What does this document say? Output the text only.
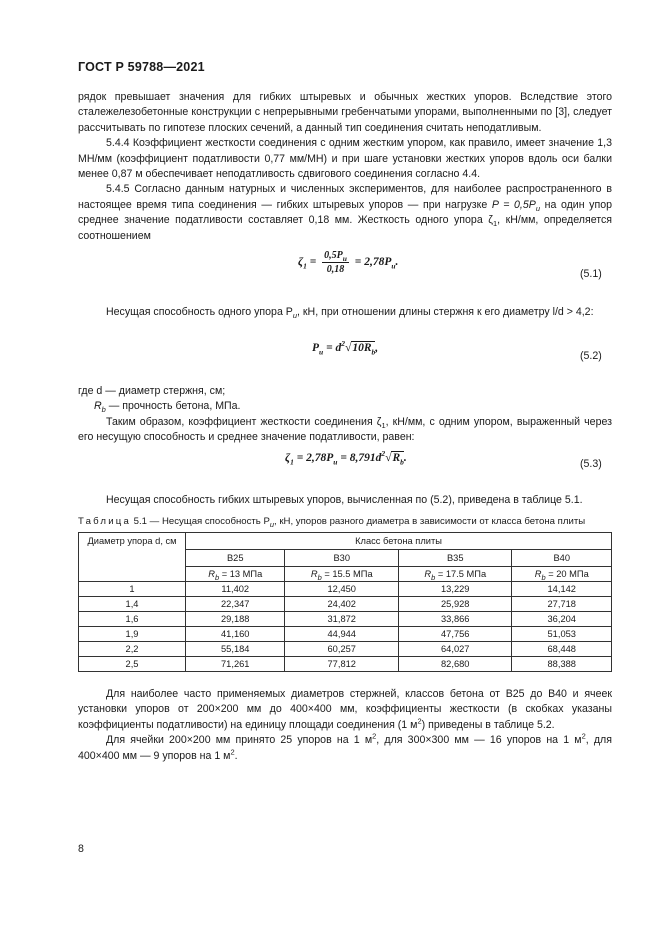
ГОСТ Р 59788—2021

рядок превышает значения для гибких штыревых и обычных жестких упоров. Вследствие этого сталежелезобетонные конструкции с непрерывными гребенчатыми упорами, выполненными по [3], следует рассчитывать по гипотезе плоских сечений, а данный тип соединения считать неподатливым.

5.4.4 Коэффициент жесткости соединения с одним жестким упором, как правило, имеет значение 1,3 МН/мм (коэффициент податливости 0,77 мм/МН) и при шаге установки жестких упоров вдоль оси балки менее 0,87 м обеспечивает неподатливость сдвигового соединения согласно 4.4.

5.4.5 Согласно данным натурных и численных экспериментов, для наиболее распространенного в настоящее время типа соединения — гибких штыревых упоров — при нагрузке $P = 0,5P_u$ на один упор среднее значение податливости составляет 0,18 мм. Жесткость одного упора $\zeta_1$, кН/мм, определяется соотношением

$\zeta_1 = \frac{0,5P_u}{0,18} = 2,78P_u$.
(5.1)

Несущая способность одного упора $P_u$, кН, при отношении длины стержня к его диаметру l/d > 4,2:

$P_u = d^2√10R_b$,
(5.2)

где d — диаметр стержня, см;

$R_b$ — прочность бетона, МПа.

Таким образом, коэффициент жесткости соединения $\zeta_1$, кН/мм, с одним упором, выраженный через его несущую способность и среднее значение податливости, равен:

$\zeta_1 = 2,78P_u = 8,791d^2√R_b$.	(5.3)

Несущая способность гибких штыревых упоров, вычисленная по (5.2), приведена в таблице 5.1.

Таблица 5.1 — Несущая способность $P_u$, кН, упоров разного диаметра в зависимости от класса бетона плиты
Диаметр упора d, см	Класс бетона плиты			
	В25	В30	В35	В40
	$R_b = 13$ МПа	$R_b = 15.5$ МПа	$R_b = 17.5$ МПа	$R_b = 20$ МПа
1	11,402	12,450	13,229	14,142
1,4	22,347	24,402	25,928	27,718
1,6	29,188	31,872	33,866	36,204
1,9	41,160	44,944	47,756	51,053
2,2	55,184	60,257	64,027	68,448
2,5	71,261	77,812	82,680	88,388

Для наиболее часто применяемых диаметров стержней, классов бетона от В25 до В40 и ячеек установки упоров от 200×200 мм до 400×400 мм, коэффициенты жесткости (в скобках указаны коэффициенты податливости) на единицу площади соединения (1 $м^2$) приведены в таблице 5.2.

Для ячейки 200×200 мм принято 25 упоров на 1 $м^2$, для 300×300 мм — 16 упоров на 1 $м^2$, для 400×400 мм — 9 упоров на 1 $м^2$.

8
